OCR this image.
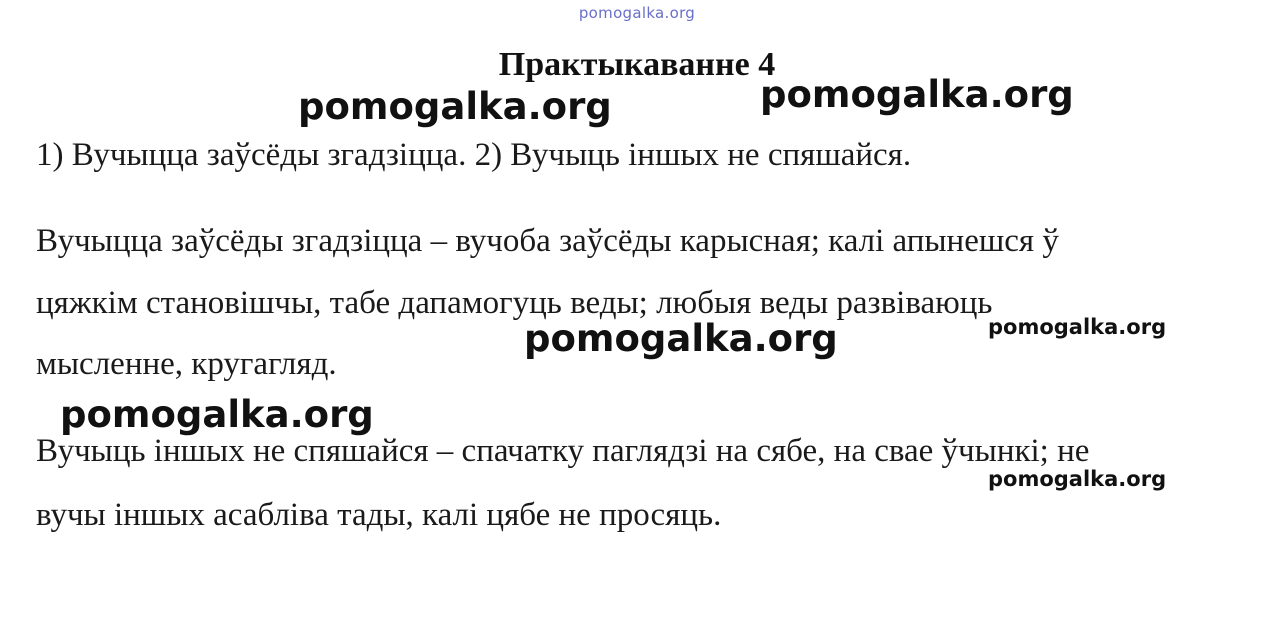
pomogalka.org
Практыкаванне 4
1) Вучыцца заўсёды згадзіцца. 2) Вучыць іншых не спяшайся.
Вучыцца заўсёды згадзіцца – вучоба заўсёды карысная; калі апынешся ў
цяжкім становішчы, табе дапамогуць веды; любыя веды развіваюць
мысленне, кругагляд.
Вучыць іншых не спяшайся – спачатку паглядзі на сябе, на свае ўчынкі; не
вучы іншых асабліва тады, калі цябе не просяць.
pomogalka.org	pomogalka.org
pomogalka.org
pomogalka.org
pomogalka.org
pomogalka.org
